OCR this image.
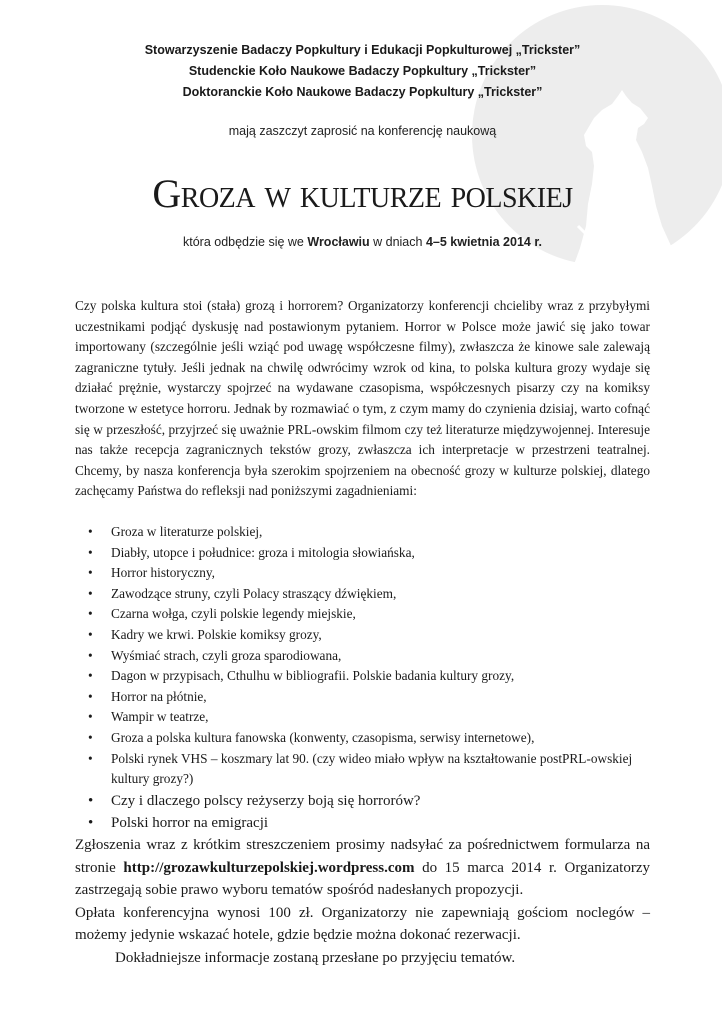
Stowarzyszenie Badaczy Popkultury i Edukacji Popkulturowej „Trickster”
Studenckie Koło Naukowe Badaczy Popkultury „Trickster”
Doktoranckie Koło Naukowe Badaczy Popkultury „Trickster”
mają zaszczyt zaprosić na konferencję naukową
Groza w kulturze polskiej
która odbędzie się we Wrocławiu w dniach 4–5 kwietnia 2014 r.

Czy polska kultura stoi (stała) grozą i horrorem? Organizatorzy konferencji chcieliby wraz z przybyłymi uczestnikami podjąć dyskusję nad postawionym pytaniem. Horror w Polsce może jawić się jako towar importowany (szczególnie jeśli wziąć pod uwagę współczesne filmy), zwłaszcza że kinowe sale zalewają zagraniczne tytuły. Jeśli jednak na chwilę odwrócimy wzrok od kina, to polska kultura grozy wydaje się działać prężnie, wystarczy spojrzeć na wydawane czasopisma, współczesnych pisarzy czy na komiksy tworzone w estetyce horroru. Jednak by rozmawiać o tym, z czym mamy do czynienia dzisiaj, warto cofnąć się w przeszłość, przyjrzeć się uważnie PRL-owskim filmom czy też literaturze międzywojennej. Interesuje nas także recepcja zagranicznych tekstów grozy, zwłaszcza ich interpretacje w przestrzeni teatralnej. Chcemy, by nasza konferencja była szerokim spojrzeniem na obecność grozy w kulturze polskiej, dlatego zachęcamy Państwa do refleksji nad poniższymi zagadnieniami:

• Groza w literaturze polskiej,
• Diabły, utopce i południce: groza i mitologia słowiańska,
• Horror historyczny,
• Zawodzące struny, czyli Polacy straszący dźwiękiem,
• Czarna wołga, czyli polskie legendy miejskie,
• Kadry we krwi. Polskie komiksy grozy,
• Wyśmiać strach, czyli groza sparodiowana,
• Dagon w przypisach, Cthulhu w bibliografii. Polskie badania kultury grozy,
• Horror na płótnie,
• Wampir w teatrze,
• Groza a polska kultura fanowska (konwenty, czasopisma, serwisy internetowe),
• Polski rynek VHS – koszmary lat 90. (czy wideo miało wpływ na kształtowanie postPRL-owskiej kultury grozy?)
• Czy i dlaczego polscy reżyserzy boją się horrorów?
• Polski horror na emigracji

Zgłoszenia wraz z krótkim streszczeniem prosimy nadsyłać za pośrednictwem formularza na stronie http://grozawkulturzepolskiej.wordpress.com do 15 marca 2014 r. Organizatorzy zastrzegają sobie prawo wyboru tematów spośród nadesłanych propozycji.

Opłata konferencyjna wynosi 100 zł. Organizatorzy nie zapewniają gościom noclegów – możemy jedynie wskazać hotele, gdzie będzie można dokonać rezerwacji.

Dokładniejsze informacje zostaną przesłane po przyjęciu tematów.
